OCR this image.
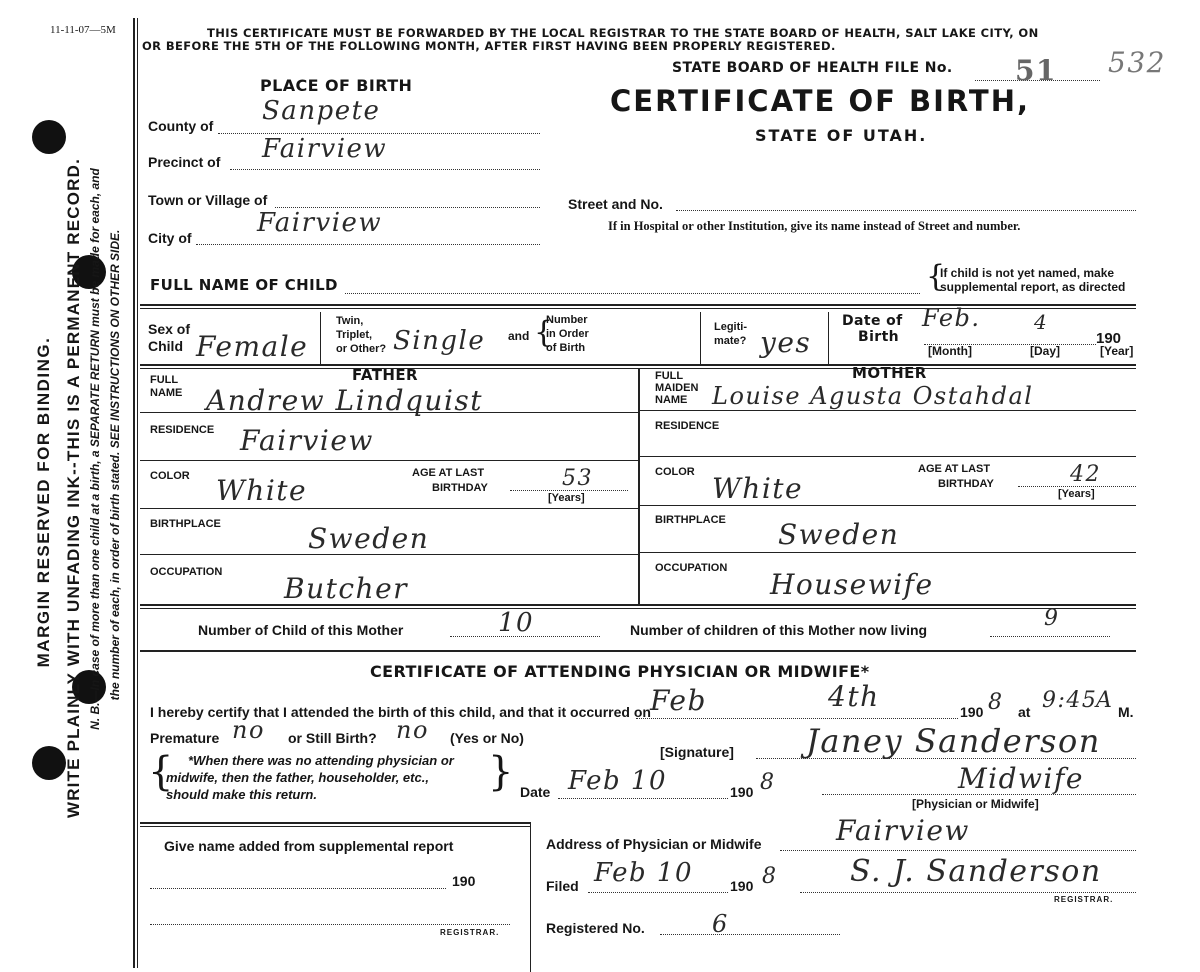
11-11-07—5M
MARGIN RESERVED FOR BINDING. WRITE PLAINLY WITH UNFADING INK--THIS IS A PERMANENT RECORD. N. B.—In case of more than one child at a birth, a SEPARATE RETURN must be made for each, and the number of each, in order of birth stated. SEE INSTRUCTIONS ON OTHER SIDE.
THIS CERTIFICATE MUST BE FORWARDED BY THE LOCAL REGISTRAR TO THE STATE BOARD OF HEALTH, SALT LAKE CITY, ON
OR BEFORE THE 5TH OF THE FOLLOWING MONTH, AFTER FIRST HAVING BEEN PROPERLY REGISTERED.
STATE BOARD OF HEALTH FILE No. 51 532
CERTIFICATE OF BIRTH,
STATE OF UTAH.
PLACE OF BIRTH
County of Sanpete
Precinct of Fairview
Town or Village of
City of	Fairview
Street and No.
If in Hospital or other Institution, give its name instead of Street and number.
FULL NAME OF CHILD	{
If child is not yet named, make
supplemental report, as directed
Sex of
Child Female
Twin,
Triplet,
or Other? Single and {
Number
in Order
of Birth
Legiti-
mate? yes
Date of
Birth
Feb.	4
190
[Month]	[Day]	[Year]
FATHER
FULL
NAME Andrew Lindquist
RESIDENCE Fairview
COLOR White
AGE AT LAST
BIRTHDAY	53
[Years]
BIRTHPLACE	Sweden
OCCUPATION Butcher
MOTHER
FULL
MAIDEN
NAME	Louise Agusta Ostahdal
RESIDENCE
COLOR White
AGE AT LAST
BIRTHDAY	42
[Years]
BIRTHPLACE Sweden
OCCUPATION Housewife
Number of Child of this Mother	10	Number of children of this Mother now living	9
CERTIFICATE OF ATTENDING PHYSICIAN OR MIDWIFE*
I hereby certify that I attended the birth of this child, and that it occurred on Feb	4th	190 8 at 9:45
A M.
Premature no or Still Birth? no (Yes or No)
{	*When there was no attending physician or
midwife, then the father, householder, etc.,
should make this return.	}	[Signature] Janey Sanderson
Midwife
[Physician or Midwife]
Date Feb 10	190 8
Give name added from supplemental report
190
REGISTRAR.
Address of Physician or Midwife	Fairview
Filed Feb 10	190 8 S. J. Sanderson
REGISTRAR.
Registered No.	6
